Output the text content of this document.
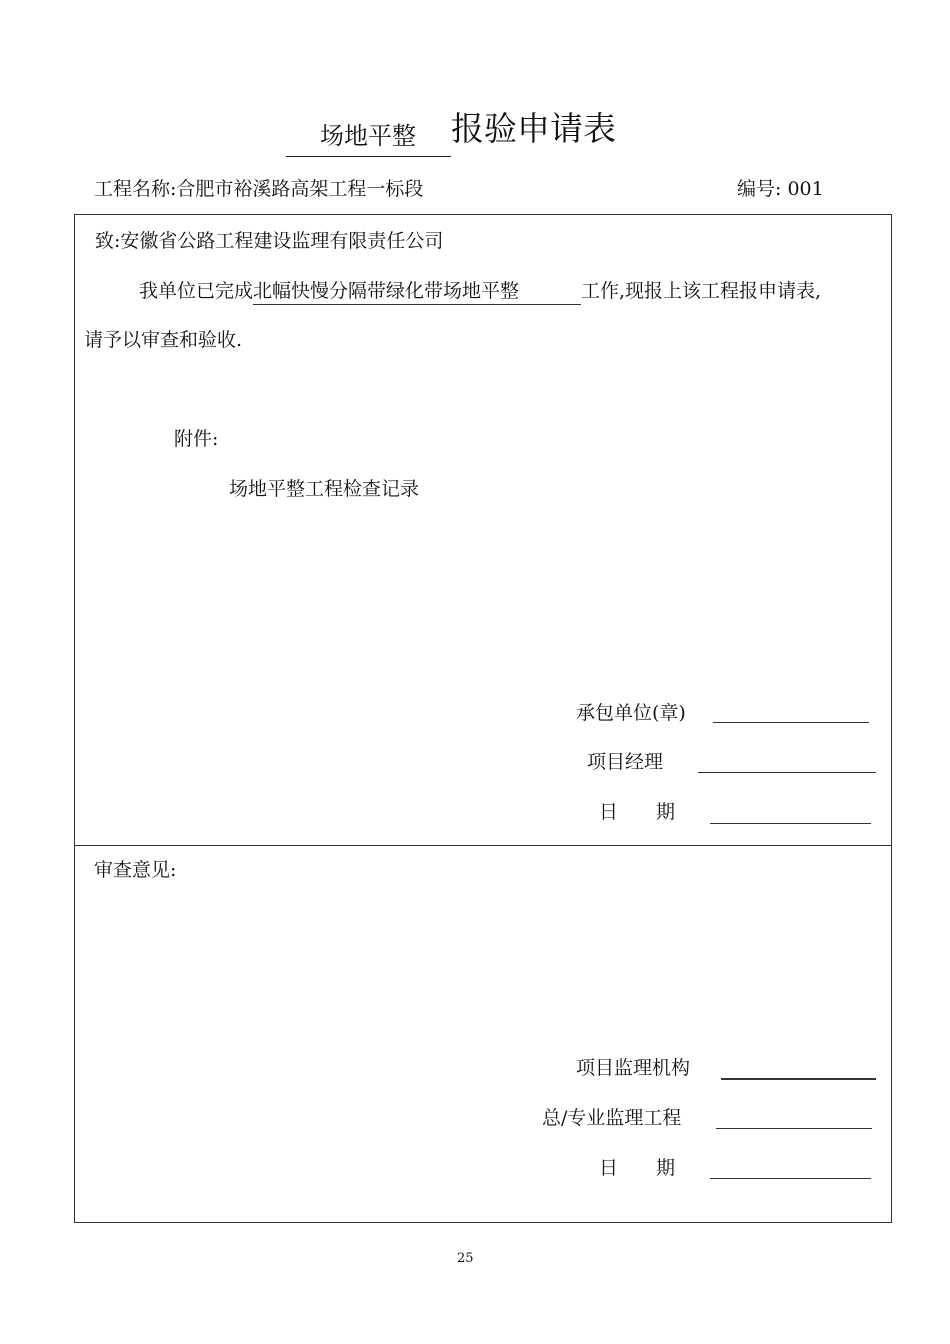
场地平整 报验申请表
工程名称:合肥市裕溪路高架工程一标段	编号: 001
致:安徽省公路工程建设监理有限责任公司
我单位已完成北幅快慢分隔带绿化带场地平整	工作,现报上该工程报申请表,
请予以审查和验收.
附件:
场地平整工程检查记录
承包单位(章)
项目经理
日　　期
审查意见:
项目监理机构
总/专业监理工程
日　　期
25
